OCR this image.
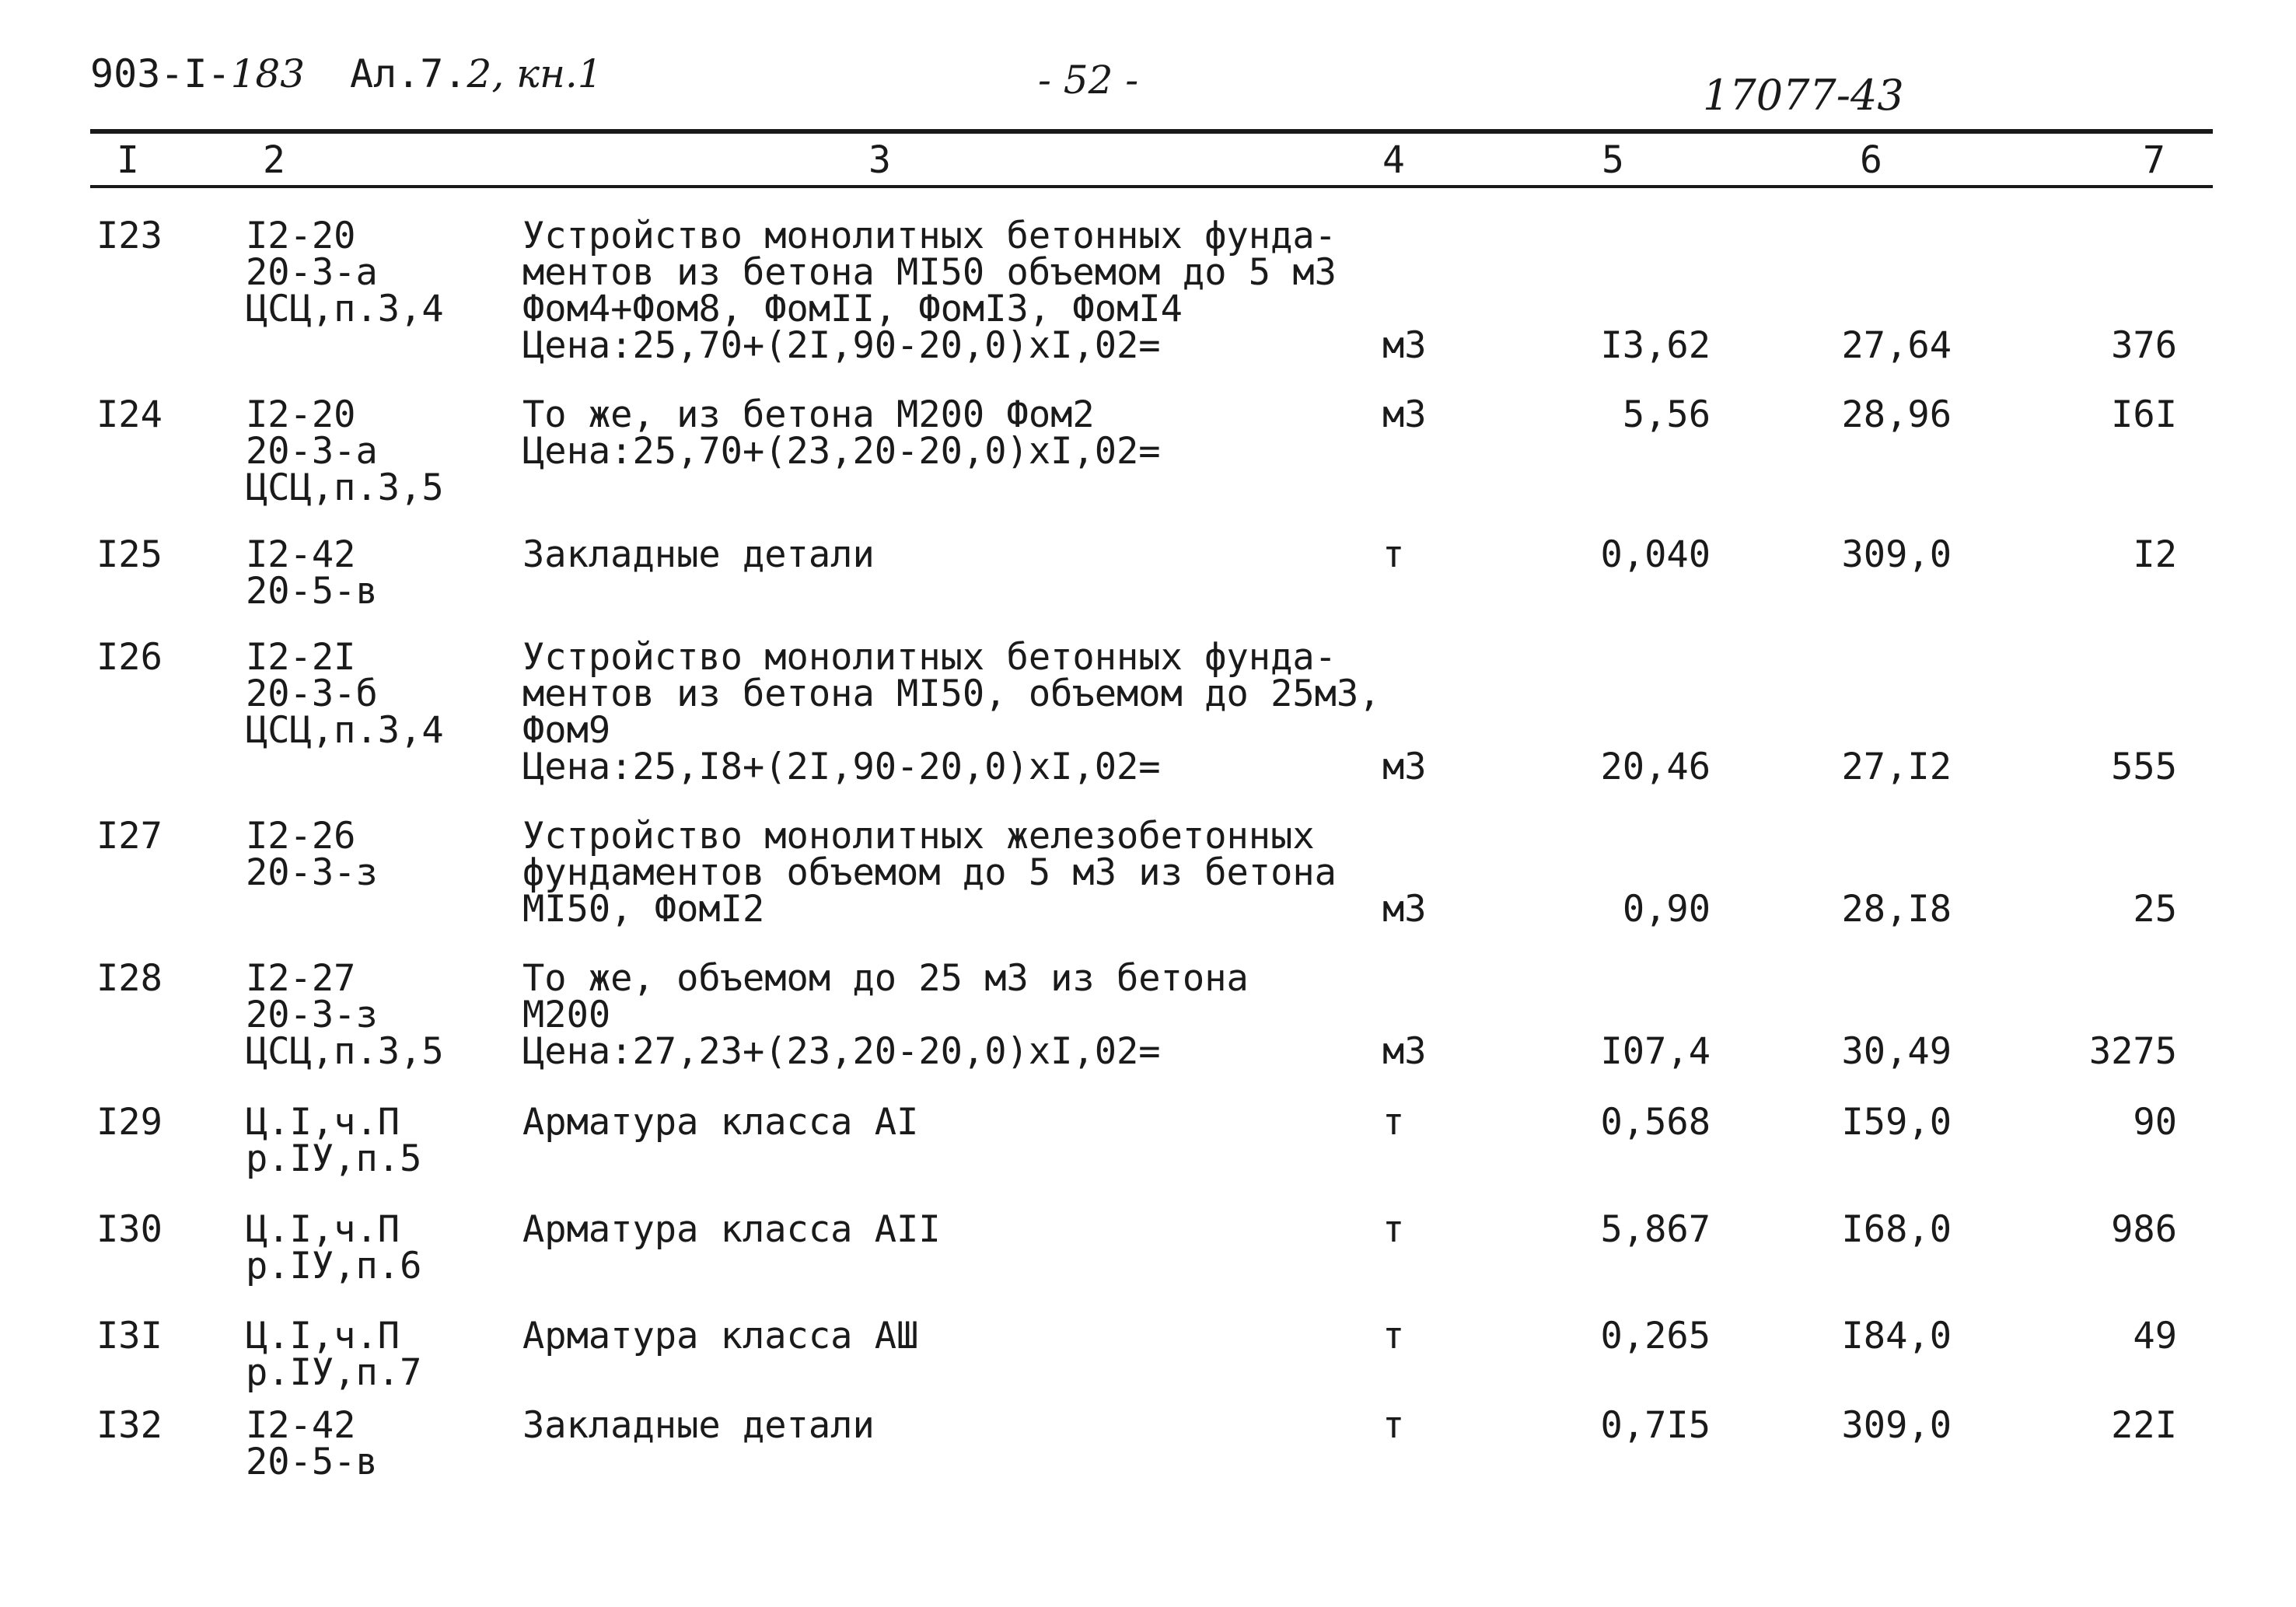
903-I-183 Ал.7.2, кн.1	- 52 -	17077-43
I	2	3	4	5	6	7
I23 I2-20
20-3-а
ЦСЦ,п.3,4
Устройство монолитных бетонных фунда-
ментов из бетона МI50 объемом до 5 м3
Фом4+Фом8, ФомII, ФомI3, ФомI4
Цена:25,70+(2I,90-20,0)хI,02=	м3	I3,62	27,64	376
I24 I2-20
20-3-а
ЦСЦ,п.3,5
То же, из бетона М200 Фом2
Цена:25,70+(23,20-20,0)хI,02=
м3	5,56	28,96	I6I
I25 I2-42
20-5-в
Закладные детали	т	0,040	309,0	I2
I26 I2-2I
20-3-б
ЦСЦ,п.3,4
Устройство монолитных бетонных фунда-
ментов из бетона МI50, объемом до 25м3,
Фом9
Цена:25,I8+(2I,90-20,0)хI,02=	м3	20,46	27,I2	555
I27 I2-26
20-3-з
Устройство монолитных железобетонных
фундаментов объемом до 5 м3 из бетона
МI50, ФомI2	м3	0,90	28,I8	25
I28 I2-27
20-3-з
ЦСЦ,п.3,5
То же, объемом до 25 м3 из бетона
М200
Цена:27,23+(23,20-20,0)хI,02=	м3	I07,4	30,49	3275
I29 Ц.I,ч.П
р.IУ,п.5
Арматура класса АI	т	0,568	I59,0	90
I30 Ц.I,ч.П
р.IУ,п.6
Арматура класса АII	т	5,867	I68,0	986
I3I Ц.I,ч.П
р.IУ,п.7
Арматура класса АШ	т	0,265	I84,0	49
I32 I2-42
20-5-в
Закладные детали	т	0,7I5	309,0	22I
